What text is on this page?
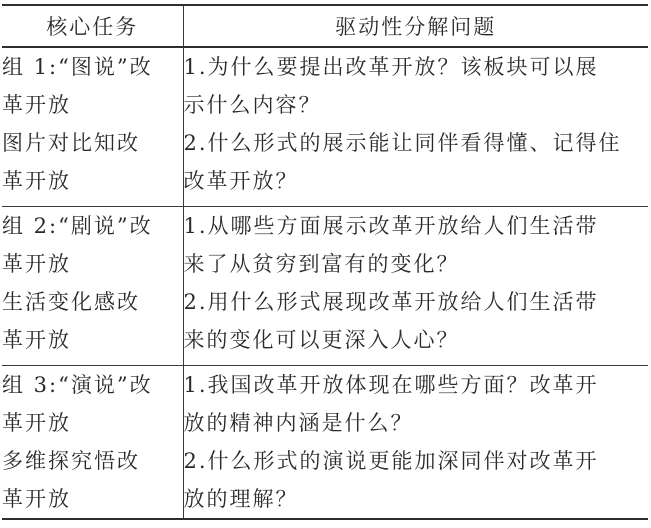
核心任务	驱动性分解问题

组 1:“图说”改
革开放
图片对比知改
革开放	1.为什么要提出改革开放？该板块可以展
示什么内容？
2.什么形式的展示能让同伴看得懂、记得住
改革开放？

组 2:“剧说”改
革开放
生活变化感改
革开放	1.从哪些方面展示改革开放给人们生活带
来了从贫穷到富有的变化？
2.用什么形式展现改革开放给人们生活带
来的变化可以更深入人心？

组 3:“演说”改
革开放
多维探究悟改
革开放	1.我国改革开放体现在哪些方面？改革开
放的精神内涵是什么？
2.什么形式的演说更能加深同伴对改革开
放的理解？
